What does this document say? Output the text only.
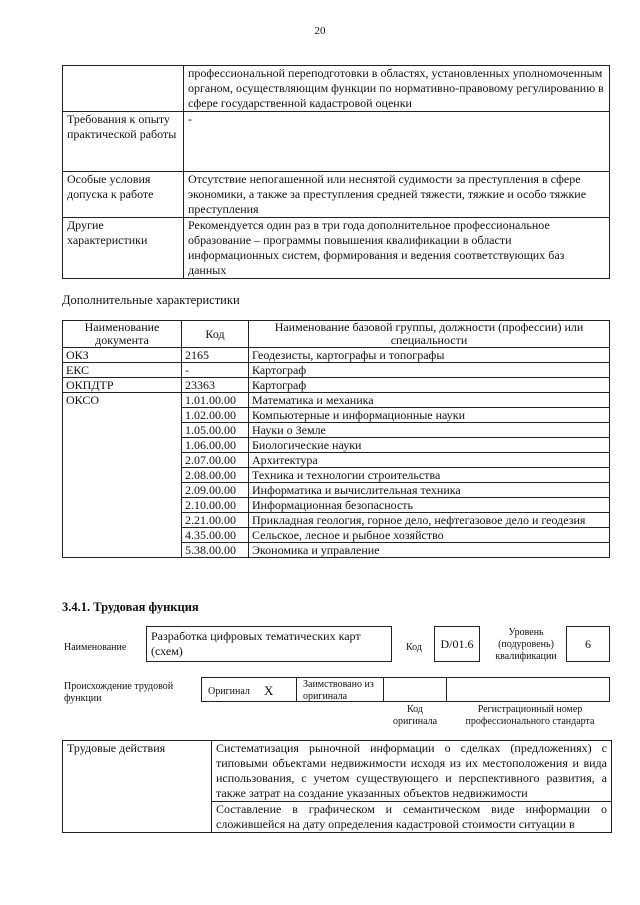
20
	профессиональной переподготовки в областях, установленных уполномоченным органом, осуществляющим функции по нормативно-правовому регулированию в сфере государственной кадастровой оценки
Требования к опыту практической работы	-
Особые условия допуска к работе	Отсутствие непогашенной или неснятой судимости за преступления в сфере экономики, а также за преступления средней тяжести, тяжкие и особо тяжкие преступления
Другие характеристики	Рекомендуется один раз в три года дополнительное профессиональное образование – программы повышения квалификации в области информационных систем, формирования и ведения соответствующих баз данных
Дополнительные характеристики
Наименование документа	Код	Наименование базовой группы, должности (профессии) или специальности
ОКЗ	2165	Геодезисты, картографы и топографы
ЕКС	-	Картограф
ОКПДТР	23363	Картограф
ОКСО	1.01.00.00	Математика и механика
	1.02.00.00	Компьютерные и информационные науки
	1.05.00.00	Науки о Земле
	1.06.00.00	Биологические науки
	2.07.00.00	Архитектура
	2.08.00.00	Техника и технологии строительства
	2.09.00.00	Информатика и вычислительная техника
	2.10.00.00	Информационная безопасность
	2.21.00.00	Прикладная геология, горное дело, нефтегазовое дело и геодезия
	4.35.00.00	Сельское, лесное и рыбное хозяйство
	5.38.00.00	Экономика и управление
3.4.1. Трудовая функция
Наименование
Разработка цифровых тематических карт (схем)	Код	D/01.6
Уровень (подуровень) квалификации
6
Происхождение трудовой функции
Оригинал X	Заимствовано из оригинала
Код оригинала
Регистрационный номер профессионального стандарта
Трудовые действия	Систематизация рыночной информации о сделках (предложениях) с типовыми объектами недвижимости исходя из их местоположения и вида использования, с учетом существующего и перспективного развития, а также затрат на создание указанных объектов недвижимости
Составление в графическом и семантическом виде информации о сложившейся на дату определения кадастровой стоимости ситуации в
